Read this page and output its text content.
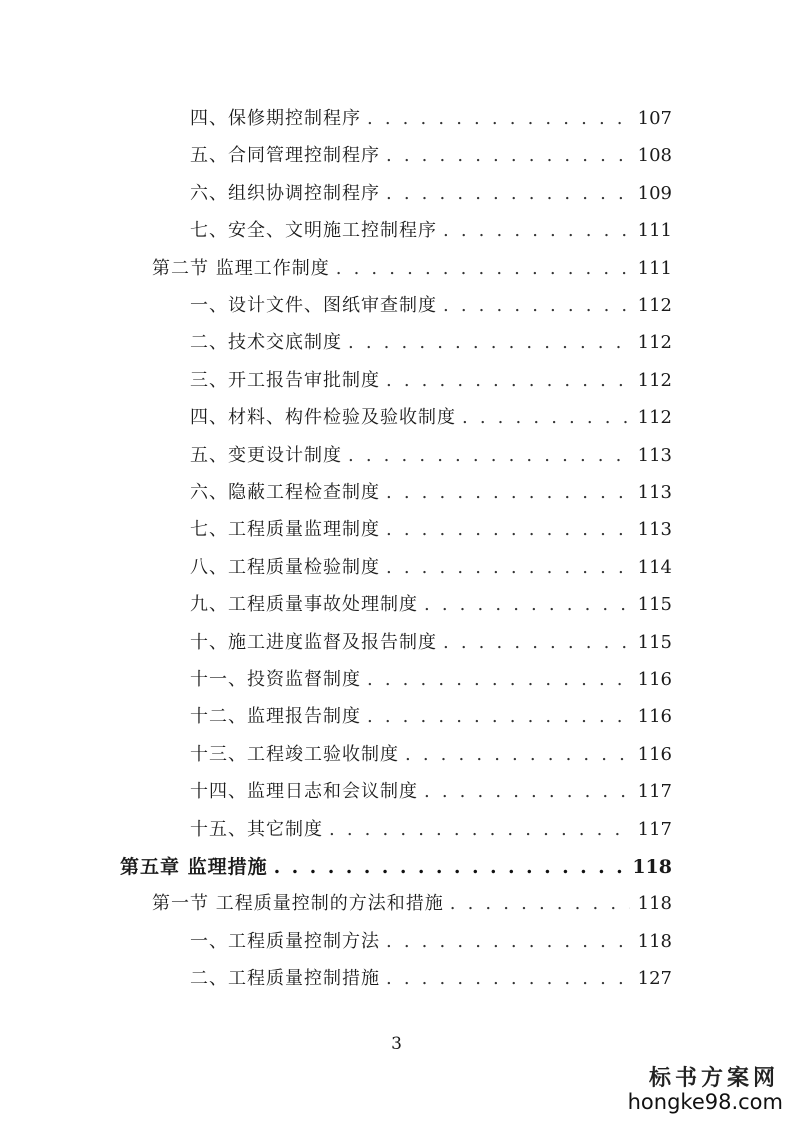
四、保修期控制程序 . . .	107
五、合同管理控制程序 . . .	108
六、组织协调控制程序 . . .	109
七、安全、文明施工控制程序 . . .	111
第二节 监理工作制度 . . .	111
一、设计文件、图纸审查制度 . . .	112
二、技术交底制度 . . .	112
三、开工报告审批制度 . . .	112
四、材料、构件检验及验收制度 . . .	112
五、变更设计制度 . . .	113
六、隐蔽工程检查制度 . . .	113
七、工程质量监理制度 . . .	113
八、工程质量检验制度 . . .	114
九、工程质量事故处理制度 . . .	115
十、施工进度监督及报告制度 . . .	115
十一、投资监督制度 . . .	116
十二、监理报告制度 . . .	116
十三、工程竣工验收制度 . . .	116
十四、监理日志和会议制度 . . .	117
十五、其它制度 . . .	117
第五章 监理措施 . . .	118
第一节 工程质量控制的方法和措施 . . .	118
一、工程质量控制方法 . . .	118
二、工程质量控制措施 . . .	127
3
标书方案网
hongke98.com
